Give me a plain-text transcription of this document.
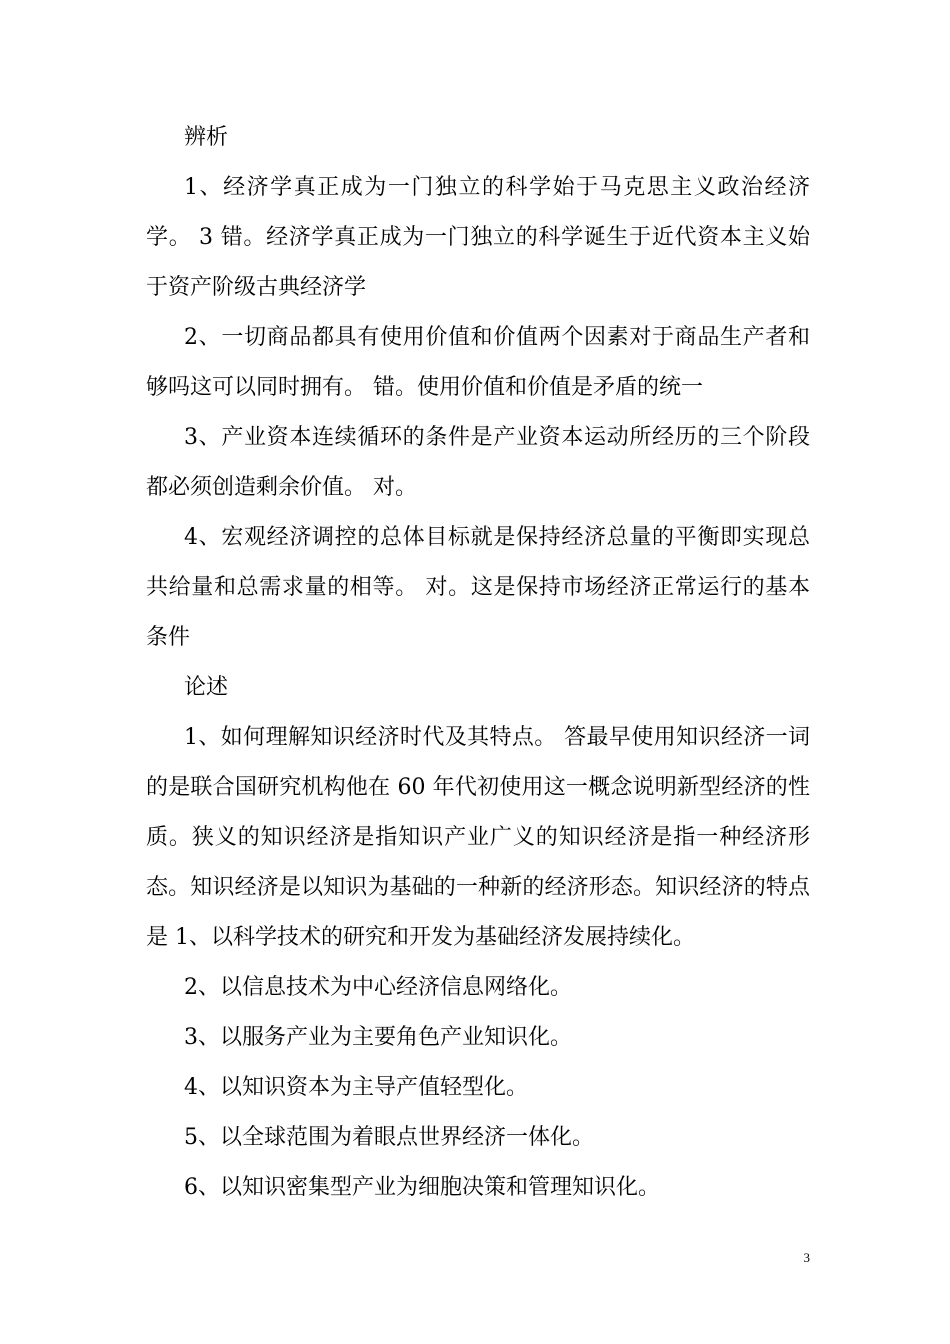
辨析

1、经济学真正成为一门独立的科学始于马克思主义政治经济学。 3 错。经济学真正成为一门独立的科学诞生于近代资本主义始于资产阶级古典经济学

2、一切商品都具有使用价值和价值两个因素对于商品生产者和够吗这可以同时拥有。 错。使用价值和价值是矛盾的统一

3、产业资本连续循环的条件是产业资本运动所经历的三个阶段都必须创造剩余价值。 对。

4、宏观经济调控的总体目标就是保持经济总量的平衡即实现总共给量和总需求量的相等。 对。这是保持市场经济正常运行的基本条件

论述

1、如何理解知识经济时代及其特点。 答最早使用知识经济一词的是联合国研究机构他在 60 年代初使用这一概念说明新型经济的性质。狭义的知识经济是指知识产业广义的知识经济是指一种经济形态。知识经济是以知识为基础的一种新的经济形态。知识经济的特点是 1、以科学技术的研究和开发为基础经济发展持续化。

2、以信息技术为中心经济信息网络化。

3、以服务产业为主要角色产业知识化。

4、以知识资本为主导产值轻型化。

5、以全球范围为着眼点世界经济一体化。

6、以知识密集型产业为细胞决策和管理知识化。

3
